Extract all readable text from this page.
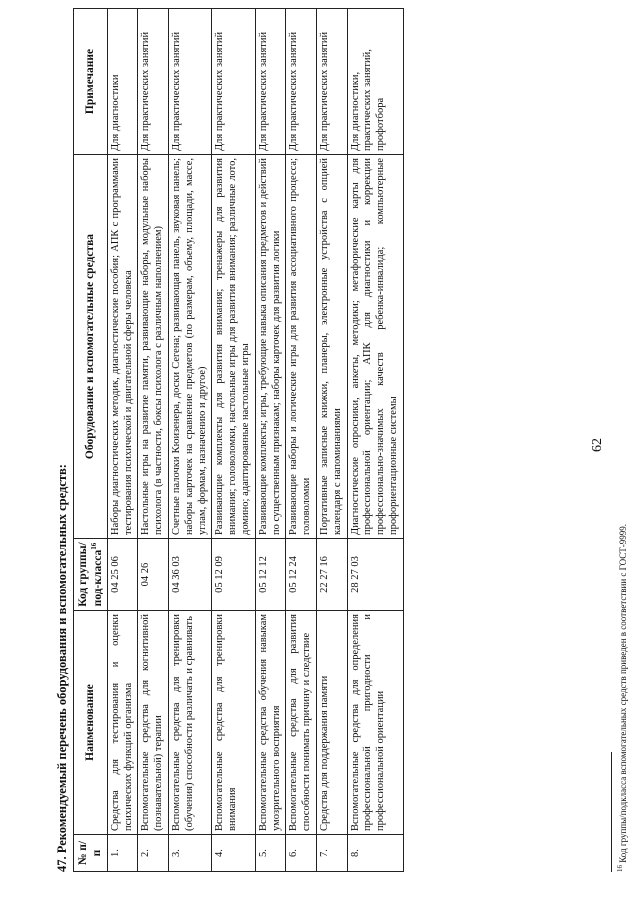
62
47. Рекомендуемый перечень оборудования и вспомогательных средств: № п/п	Наименование	Код группы/под-класса$^{16}$	Оборудование и вспомогательные средства	Примечание
1.	Средства для тестирования и оценки психических функций организма	04 25 06	Наборы диагностических методик, диагностические пособия; АПК с программами тестирования психической и двигательной сферы человека	Для диагностики
2.	Вспомогательные средства для когнитивной (познавательной) терапии	04 26	Настольные игры на развитие памяти, развивающие наборы, модульные наборы психолога (в частности, боксы психолога с различным наполнением)	Для практических занятий
3.	Вспомогательные средства для тренировки (обучения) способности различать и сравнивать	04 36 03	Счетные палочки Кюизенера, доски Сегена; развивающая панель, звуковая панель; наборы карточек на сравнение предметов (по размерам, объему, площади, массе, углам, формам, назначению и другое)	Для практических занятий
4.	Вспомогательные средства для тренировки внимания	05 12 09	Развивающие комплекты для развития внимания; тренажеры для развития внимания; головоломки, настольные игры для развития внимания; различные лото, домино; адаптированные настольные игры	Для практических занятий
5.	Вспомогательные средства обучения навыкам умозрительного восприятия	05 12 12	Развивающие комплекты; игры, требующие навыка описания предметов и действий по существенным признакам; наборы карточек для развития логики	Для практических занятий
6.	Вспомогательные средства для развития способности понимать причину и следствие	05 12 24	Развивающие наборы и логические игры для развития ассоциативного процесса; головоломки	Для практических занятий
7.	Средства для поддержания памяти	22 27 16	Портативные записные книжки, планеры, электронные устройства с опцией календаря с напоминаниями	Для практических занятий
8.	Вспомогательные средства для определения профессиональной пригодности и профессиональной ориентации	28 27 03	Диагностические опросники, анкеты, методики; метафорические карты для профессиональной ориентации; АПК для диагностики и коррекции профессионально-значимых качеств ребенка-инвалида; компьютерные профориентационные системы	Для диагностики, практических занятий, профотбора
$^{16}$ Код группы/подкласса вспомогательных средств приведен в соответствии с ГОСТ-9999.
